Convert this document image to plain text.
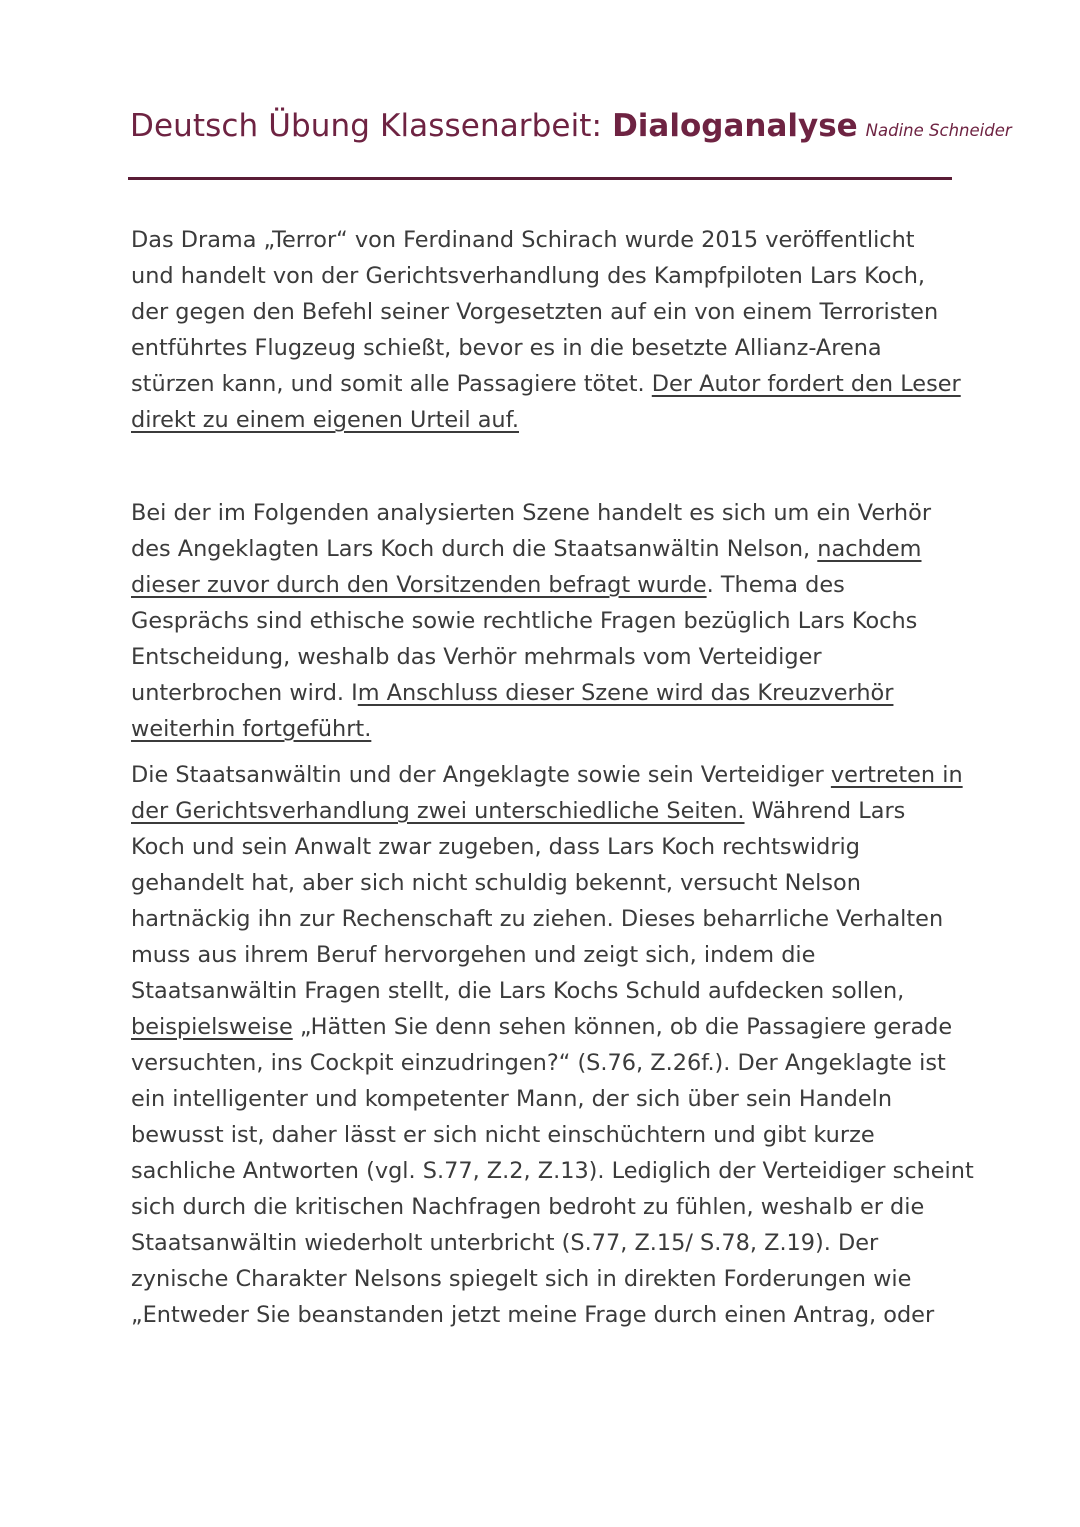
Deutsch Übung Klassenarbeit: Dialoganalyse Nadine Schneider

Das Drama „Terror“ von Ferdinand Schirach wurde 2015 veröffentlicht
und handelt von der Gerichtsverhandlung des Kampfpiloten Lars Koch,
der gegen den Befehl seiner Vorgesetzten auf ein von einem Terroristen
entführtes Flugzeug schießt, bevor es in die besetzte Allianz-Arena
stürzen kann, und somit alle Passagiere tötet. Der Autor fordert den Leser
direkt zu einem eigenen Urteil auf.

Bei der im Folgenden analysierten Szene handelt es sich um ein Verhör
des Angeklagten Lars Koch durch die Staatsanwältin Nelson, nachdem
dieser zuvor durch den Vorsitzenden befragt wurde. Thema des
Gesprächs sind ethische sowie rechtliche Fragen bezüglich Lars Kochs
Entscheidung, weshalb das Verhör mehrmals vom Verteidiger
unterbrochen wird. Im Anschluss dieser Szene wird das Kreuzverhör
weiterhin fortgeführt.

Die Staatsanwältin und der Angeklagte sowie sein Verteidiger vertreten in
der Gerichtsverhandlung zwei unterschiedliche Seiten. Während Lars
Koch und sein Anwalt zwar zugeben, dass Lars Koch rechtswidrig
gehandelt hat, aber sich nicht schuldig bekennt, versucht Nelson
hartnäckig ihn zur Rechenschaft zu ziehen. Dieses beharrliche Verhalten
muss aus ihrem Beruf hervorgehen und zeigt sich, indem die
Staatsanwältin Fragen stellt, die Lars Kochs Schuld aufdecken sollen,
beispielsweise „Hätten Sie denn sehen können, ob die Passagiere gerade
versuchten, ins Cockpit einzudringen?“ (S.76, Z.26f.). Der Angeklagte ist
ein intelligenter und kompetenter Mann, der sich über sein Handeln
bewusst ist, daher lässt er sich nicht einschüchtern und gibt kurze
sachliche Antworten (vgl. S.77, Z.2, Z.13). Lediglich der Verteidiger scheint
sich durch die kritischen Nachfragen bedroht zu fühlen, weshalb er die
Staatsanwältin wiederholt unterbricht (S.77, Z.15/ S.78, Z.19). Der
zynische Charakter Nelsons spiegelt sich in direkten Forderungen wie
„Entweder Sie beanstanden jetzt meine Frage durch einen Antrag, oder
